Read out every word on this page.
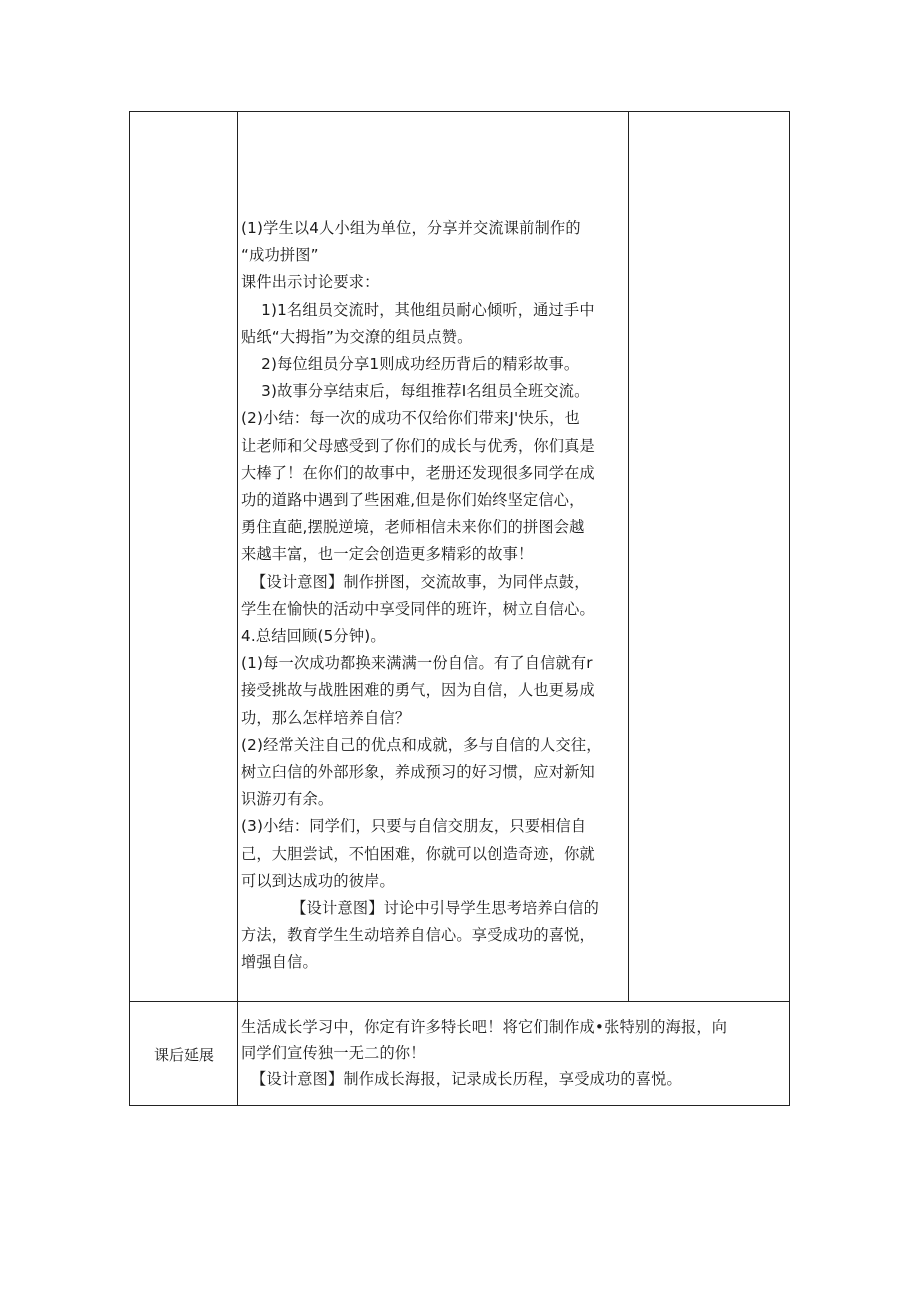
(1)学生以4人小组为单位，分享并交流课前制作的

“成功拼图”

课件出示讨论要求：

1)1名组员交流时，其他组员耐心倾听，通过手中

贴纸“大拇指”为交潦的组员点赞。

2)每位组员分享1则成功经历背后的精彩故事。

3)故事分享结束后，每组推荐I名组员全班交流。

(2)小结：每一次的成功不仅给你们带来J'快乐，也

让老师和父母感受到了你们的成长与优秀，你们真是

大棒了！在你们的故事中，老册还发现很多同学在成

功的道路中遇到了些困难,但是你们始终坚定信心，

勇住直葩,摆脱逆境，老师相信未来你们的拼图会越

来越丰富，也一定会创造更多精彩的故事！

【设计意图】制作拼图，交流故事，为同伴点鼓，

学生在愉快的活动中享受同伴的班许，树立自信心。

4.总结回顾(5分钟)。

(1)每一次成功都换来满满一份自信。有了自信就有r

接受挑故与战胜困难的勇气，因为自信，人也更易成

功，那么怎样培养自信？

(2)经常关注自己的优点和成就，多与自信的人交往，

树立臼信的外部形象，养成预习的好习惯，应对新知

识游刃有余。

(3)小结：同学们，只要与自信交朋友，只要相信自

己，大胆尝试，不怕困难，你就可以创造奇迹，你就

可以到达成功的彼岸。

【设计意图】讨论中引导学生思考培养白信的

方法，教育学生生动培养自信心。享受成功的喜悦，

增强自信。

课后延展

生活成长学习中，你定有许多特长吧！将它们制作成•张特别的海报，向

同学们宣传独一无二的你！

【设计意图】制作成长海报，记录成长历程，享受成功的喜悦。
